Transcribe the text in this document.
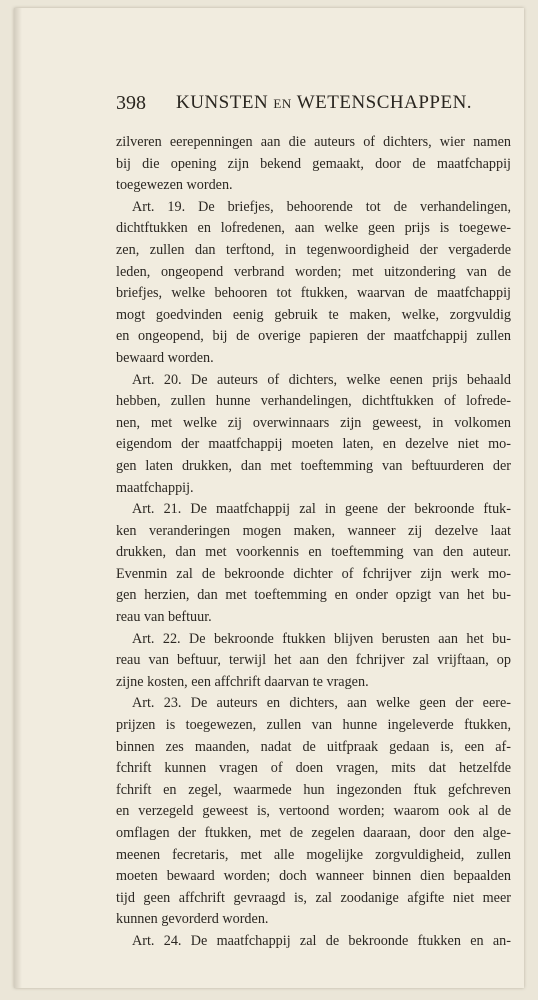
398 KUNSTEN EN WETENSCHAPPEN.
zilveren eerepenningen aan die auteurs of dichters, wier namen
bij die opening zijn bekend gemaakt, door de maatfchappij
toegewezen worden.
Art. 19. De briefjes, behoorende tot de verhandelingen,
dichtftukken en lofredenen, aan welke geen prijs is toegewe-
zen, zullen dan terftond, in tegenwoordigheid der vergaderde
leden, ongeopend verbrand worden; met uitzondering van de
briefjes, welke behooren tot ftukken, waarvan de maatfchappij
mogt goedvinden eenig gebruik te maken, welke, zorgvuldig
en ongeopend, bij de overige papieren der maatfchappij zullen
bewaard worden.
Art. 20. De auteurs of dichters, welke eenen prijs behaald
hebben, zullen hunne verhandelingen, dichtftukken of lofrede-
nen, met welke zij overwinnaars zijn geweest, in volkomen
eigendom der maatfchappij moeten laten, en dezelve niet mo-
gen laten drukken, dan met toeftemming van beftuurderen der
maatfchappij.
Art. 21. De maatfchappij zal in geene der bekroonde ftuk-
ken veranderingen mogen maken, wanneer zij dezelve laat
drukken, dan met voorkennis en toeftemming van den auteur.
Evenmin zal de bekroonde dichter of fchrijver zijn werk mo-
gen herzien, dan met toeftemming en onder opzigt van het bu-
reau van beftuur.
Art. 22. De bekroonde ftukken blijven berusten aan het bu-
reau van beftuur, terwijl het aan den fchrijver zal vrijftaan, op
zijne kosten, een affchrift daarvan te vragen.
Art. 23. De auteurs en dichters, aan welke geen der eere-
prijzen is toegewezen, zullen van hunne ingeleverde ftukken,
binnen zes maanden, nadat de uitfpraak gedaan is, een af-
fchrift kunnen vragen of doen vragen, mits dat hetzelfde
fchrift en zegel, waarmede hun ingezonden ftuk gefchreven
en verzegeld geweest is, vertoond worden; waarom ook al de
omflagen der ftukken, met de zegelen daaraan, door den alge-
meenen fecretaris, met alle mogelijke zorgvuldigheid, zullen
moeten bewaard worden; doch wanneer binnen dien bepaalden
tijd geen affchrift gevraagd is, zal zoodanige afgifte niet meer
kunnen gevorderd worden.
Art. 24. De maatfchappij zal de bekroonde ftukken en an-
